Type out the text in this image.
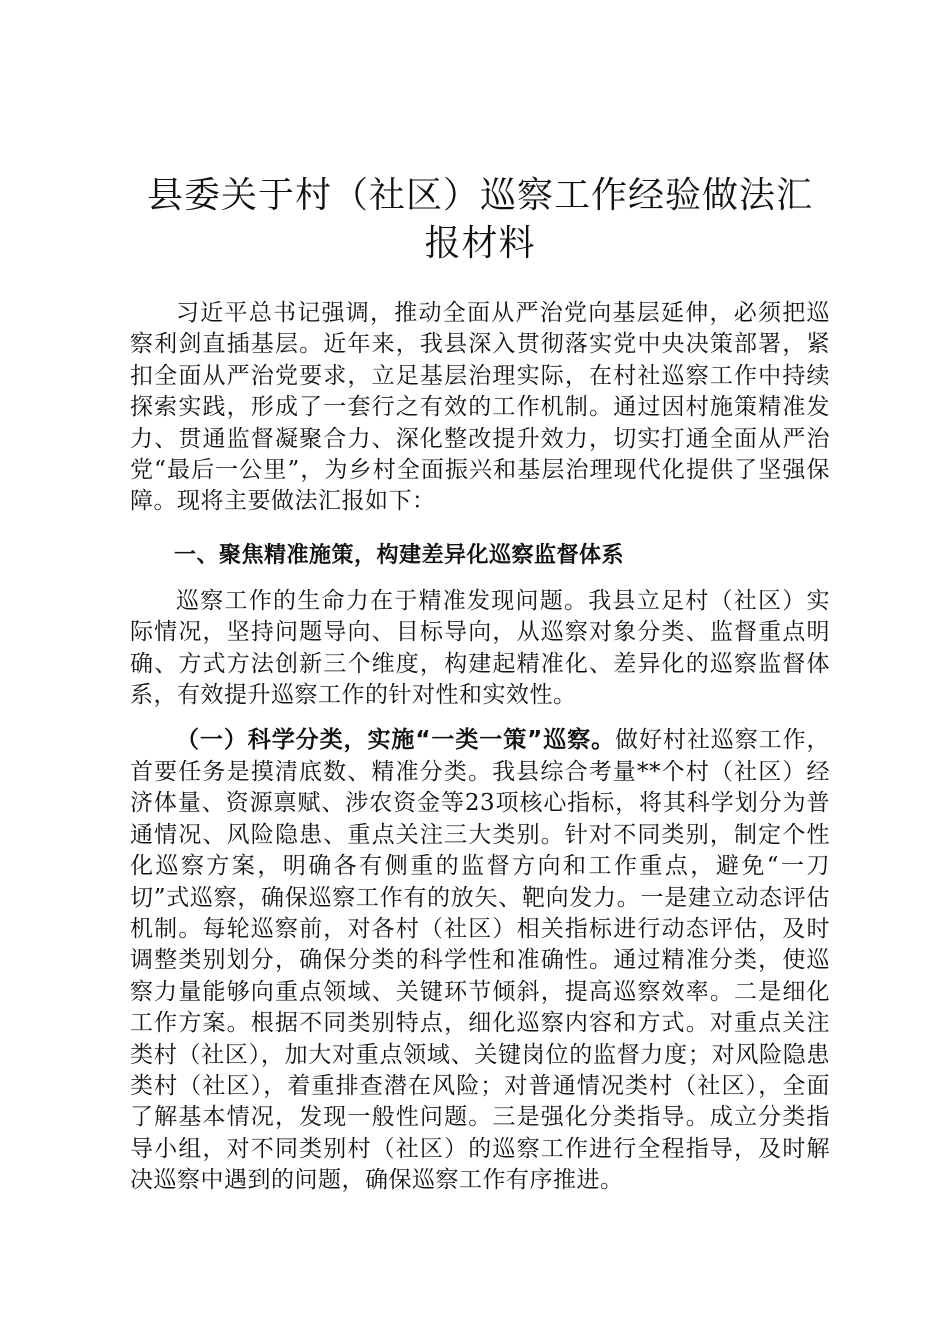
县委关于村（社区）巡察工作经验做法汇报材料

习近平总书记强调，推动全面从严治党向基层延伸，必须把巡察利剑直插基层。近年来，我县深入贯彻落实党中央决策部署，紧扣全面从严治党要求，立足基层治理实际，在村社巡察工作中持续探索实践，形成了一套行之有效的工作机制。通过因村施策精准发力、贯通监督凝聚合力、深化整改提升效力，切实打通全面从严治党“最后一公里”，为乡村全面振兴和基层治理现代化提供了坚强保障。现将主要做法汇报如下：

一、聚焦精准施策，构建差异化巡察监督体系

巡察工作的生命力在于精准发现问题。我县立足村（社区）实际情况，坚持问题导向、目标导向，从巡察对象分类、监督重点明确、方式方法创新三个维度，构建起精准化、差异化的巡察监督体系，有效提升巡察工作的针对性和实效性。

（一）科学分类，实施“一类一策”巡察。做好村社巡察工作，首要任务是摸清底数、精准分类。我县综合考量**个村（社区）经济体量、资源禀赋、涉农资金等23项核心指标，将其科学划分为普通情况、风险隐患、重点关注三大类别。针对不同类别，制定个性化巡察方案，明确各有侧重的监督方向和工作重点，避免“一刀切”式巡察，确保巡察工作有的放矢、靶向发力。一是建立动态评估机制。每轮巡察前，对各村（社区）相关指标进行动态评估，及时调整类别划分，确保分类的科学性和准确性。通过精准分类，使巡察力量能够向重点领域、关键环节倾斜，提高巡察效率。二是细化工作方案。根据不同类别特点，细化巡察内容和方式。对重点关注类村（社区），加大对重点领域、关键岗位的监督力度；对风险隐患类村（社区），着重排查潜在风险；对普通情况类村（社区），全面了解基本情况，发现一般性问题。三是强化分类指导。成立分类指导小组，对不同类别村（社区）的巡察工作进行全程指导，及时解决巡察中遇到的问题，确保巡察工作有序推进。
